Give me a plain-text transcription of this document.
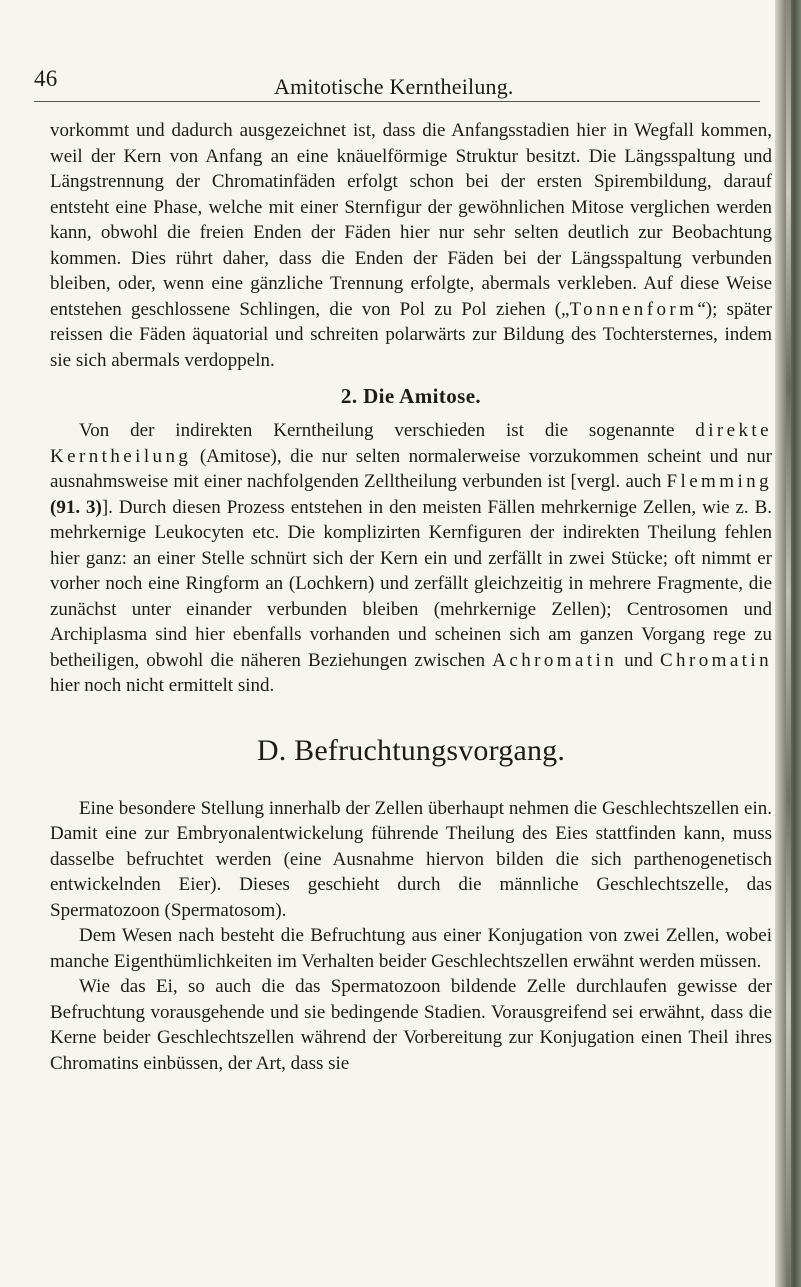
46	Amitotische Kerntheilung.

vorkommt und dadurch ausgezeichnet ist, dass die Anfangsstadien hier in Wegfall kommen, weil der Kern von Anfang an eine knäuelförmige Struktur besitzt. Die Längsspaltung und Längstrennung der Chromatinfäden erfolgt schon bei der ersten Spirembildung, darauf entsteht eine Phase, welche mit einer Sternfigur der gewöhnlichen Mitose verglichen werden kann, obwohl die freien Enden der Fäden hier nur sehr selten deutlich zur Beobachtung kommen. Dies rührt daher, dass die Enden der Fäden bei der Längsspaltung verbunden bleiben, oder, wenn eine gänzliche Trennung erfolgte, abermals verkleben. Auf diese Weise entstehen geschlossene Schlingen, die von Pol zu Pol ziehen („Tonnenform“); später reissen die Fäden äquatorial und schreiten polarwärts zur Bildung des Tochtersternes, indem sie sich abermals verdoppeln.

2. Die Amitose.

Von der indirekten Kerntheilung verschieden ist die sogenannte direkte Kerntheilung (Amitose), die nur selten normalerweise vorzukommen scheint und nur ausnahmsweise mit einer nachfolgenden Zelltheilung verbunden ist [vergl. auch Flemming (91. 3)]. Durch diesen Prozess entstehen in den meisten Fällen mehrkernige Zellen, wie z. B. mehrkernige Leukocyten etc. Die komplizirten Kernfiguren der indirekten Theilung fehlen hier ganz: an einer Stelle schnürt sich der Kern ein und zerfällt in zwei Stücke; oft nimmt er vorher noch eine Ringform an (Lochkern) und zerfällt gleichzeitig in mehrere Fragmente, die zunächst unter einander verbunden bleiben (mehrkernige Zellen); Centrosomen und Archiplasma sind hier ebenfalls vorhanden und scheinen sich am ganzen Vorgang rege zu betheiligen, obwohl die näheren Beziehungen zwischen Achromatin und Chromatin hier noch nicht ermittelt sind.

D. Befruchtungsvorgang.

Eine besondere Stellung innerhalb der Zellen überhaupt nehmen die Geschlechtszellen ein. Damit eine zur Embryonalentwickelung führende Theilung des Eies stattfinden kann, muss dasselbe befruchtet werden (eine Ausnahme hiervon bilden die sich parthenogenetisch entwickelnden Eier). Dieses geschieht durch die männliche Geschlechtszelle, das Spermatozoon (Spermatosom).

Dem Wesen nach besteht die Befruchtung aus einer Konjugation von zwei Zellen, wobei manche Eigenthümlichkeiten im Verhalten beider Geschlechtszellen erwähnt werden müssen.

Wie das Ei, so auch die das Spermatozoon bildende Zelle durchlaufen gewisse der Befruchtung vorausgehende und sie bedingende Stadien. Vorausgreifend sei erwähnt, dass die Kerne beider Geschlechtszellen während der Vorbereitung zur Konjugation einen Theil ihres Chromatins einbüssen, der Art, dass sie
